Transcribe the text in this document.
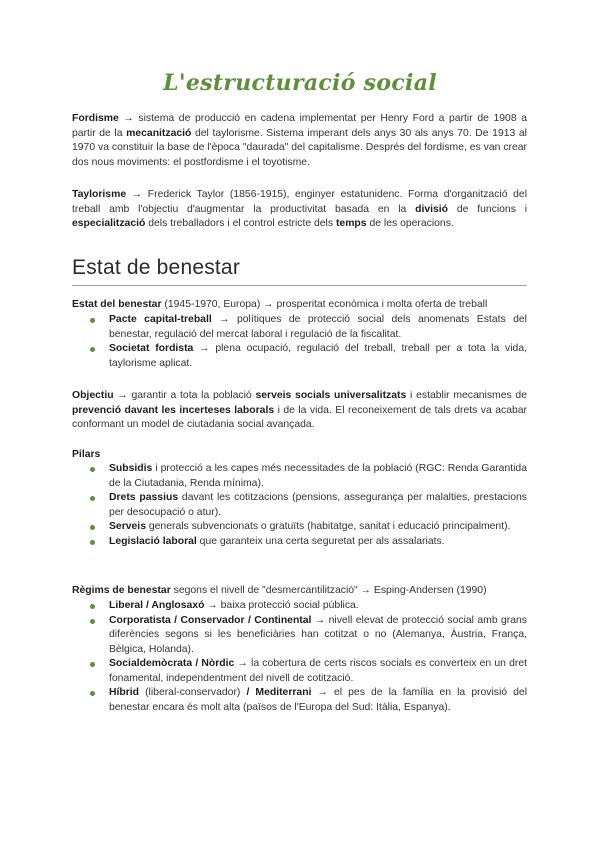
L'estructuració social

Fordisme → sistema de producció en cadena implementat per Henry Ford a partir de 1908 a partir de la mecanització del taylorisme. Sistema imperant dels anys 30 als anys 70. De 1913 al 1970 va constituir la base de l'època "daurada" del capitalisme. Després del fordisme, es van crear dos nous moviments: el postfordisme i el toyotisme.

Taylorisme → Frederick Taylor (1856-1915), enginyer estatunidenc. Forma d'organització del treball amb l'objectiu d'augmentar la productivitat basada en la divisió de funcions i especialització dels treballadors i el control estricte dels temps de les operacions.

Estat de benestar

Estat del benestar (1945-1970, Europa) → prosperitat econòmica i molta oferta de treball

Pacte capital-treball → polítiques de protecció social dels anomenats Estats del benestar, regulació del mercat laboral i regulació de la fiscalitat.
Societat fordista → plena ocupació, regulació del treball, treball per a tota la vida, taylorisme aplicat.

Objectiu → garantir a tota la població serveis socials universalitzats i establir mecanismes de prevenció davant les incerteses laborals i de la vida. El reconeixement de tals drets va acabar conformant un model de ciutadania social avançada.

Pilars

Subsidis i protecció a les capes més necessitades de la població (RGC: Renda Garantida de la Ciutadania, Renda mínima).
Drets passius davant les cotitzacions (pensions, assegurança per malalties, prestacions per desocupació o atur).
Serveis generals subvencionats o gratuïts (habitatge, sanitat i educació principalment).
Legislació laboral que garanteix una certa seguretat per als assalariats.

Règims de benestar segons el nivell de "desmercantilització" → Esping-Andersen (1990)

Liberal / Anglosaxó → baixa protecció social pública.
Corporatista / Conservador / Continental → nivell elevat de protecció social amb grans diferències segons si les beneficiàries han cotitzat o no (Alemanya, Àustria, França, Bèlgica, Holanda).
Socialdemòcrata / Nòrdic → la cobertura de certs riscos socials es converteix en un dret fonamental, independentment del nivell de cotització.
Híbrid (liberal-conservador) / Mediterrani → el pes de la família en la provisió del benestar encara és molt alta (països de l'Europa del Sud: Itàlia, Espanya).
